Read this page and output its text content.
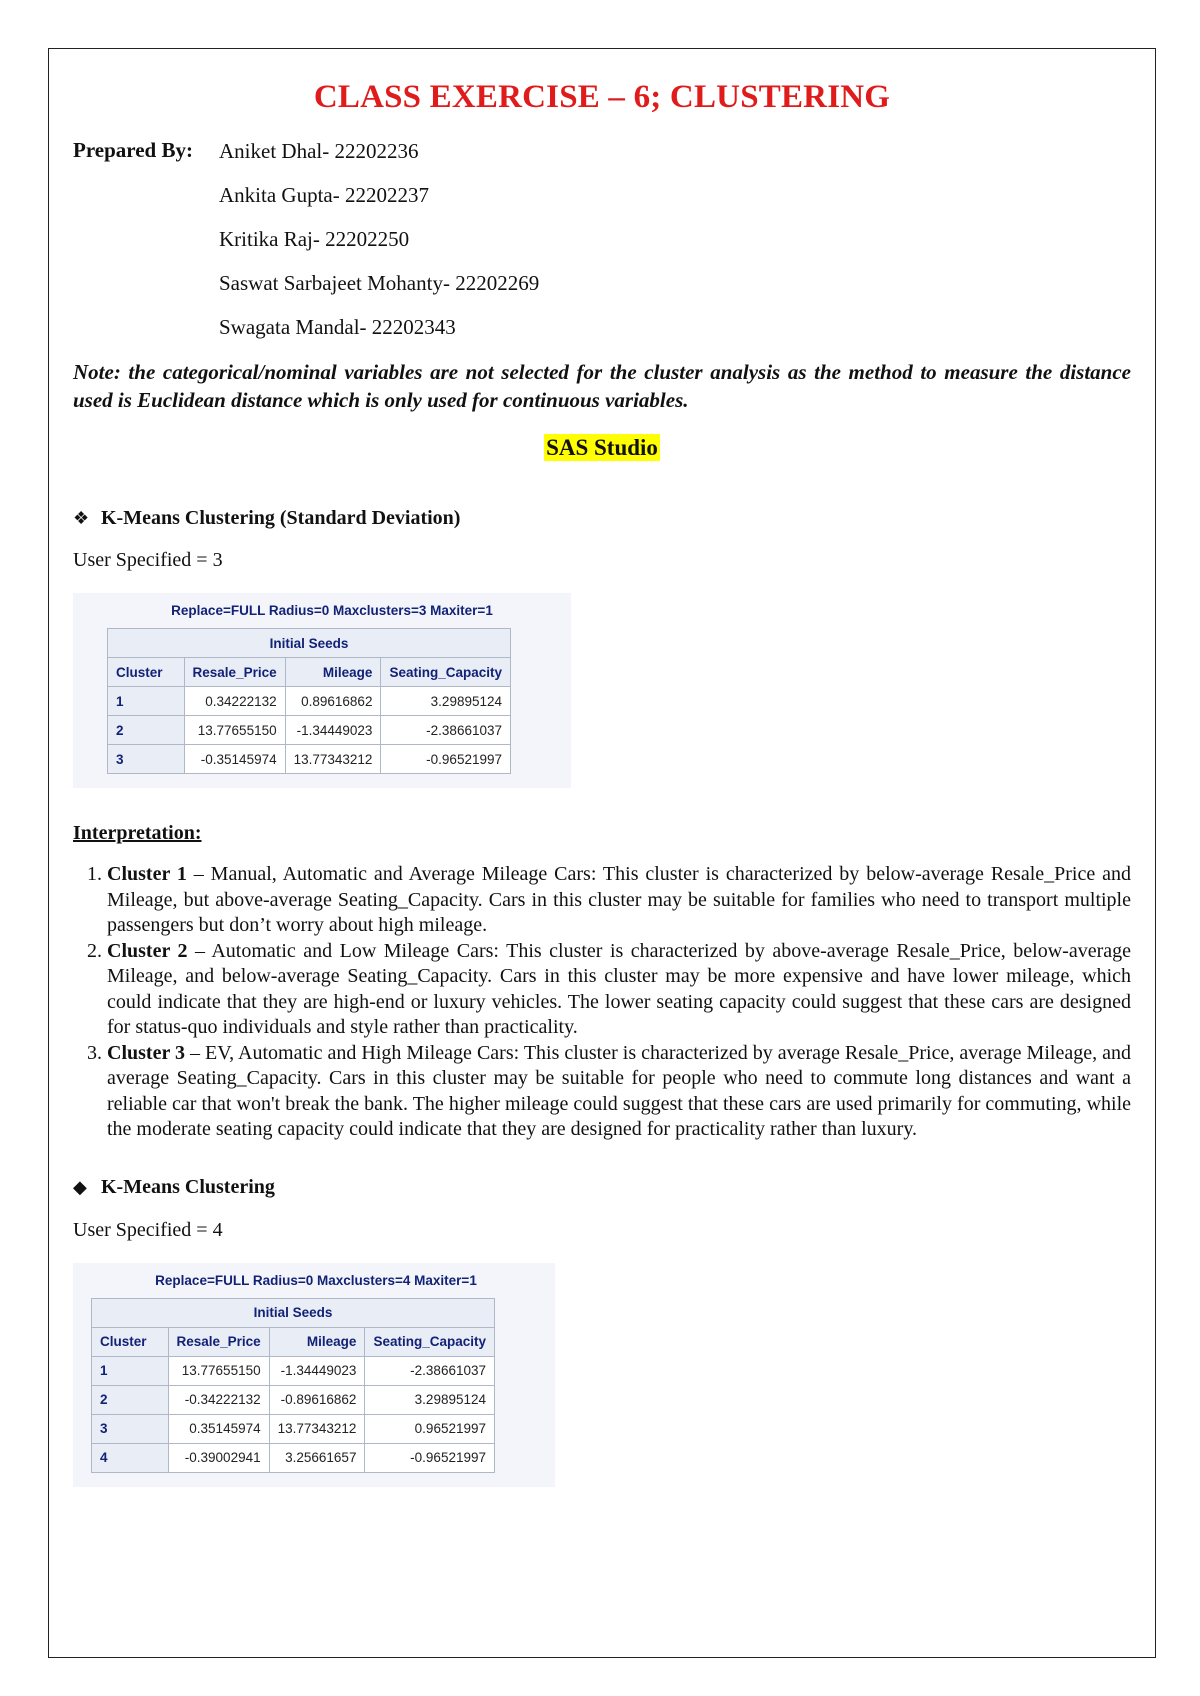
CLASS EXERCISE – 6; CLUSTERING
Prepared By: Aniket Dhal- 22202236
Ankita Gupta- 22202237
Kritika Raj- 22202250
Saswat Sarbajeet Mohanty- 22202269
Swagata Mandal- 22202343

Note: the categorical/nominal variables are not selected for the cluster analysis as the method to measure the distance used is Euclidean distance which is only used for continuous variables.

SAS Studio
❖ K-Means Clustering (Standard Deviation)
User Specified = 3
Replace=FULL Radius=0 Maxclusters=3 Maxiter=1
Initial Seeds			
Cluster	Resale_Price	Mileage	Seating_Capacity
1	0.34222132	0.89616862	3.29895124
2	13.77655150	-1.34449023	-2.38661037
3	-0.35145974	13.77343212	-0.96521997
Interpretation:
1. Cluster 1 – Manual, Automatic and Average Mileage Cars: This cluster is characterized by below-average Resale_Price and Mileage, but above-average Seating_Capacity. Cars in this cluster may be suitable for families who need to transport multiple passengers but don’t worry about high mileage.
2. Cluster 2 – Automatic and Low Mileage Cars: This cluster is characterized by above-average Resale_Price, below-average Mileage, and below-average Seating_Capacity. Cars in this cluster may be more expensive and have lower mileage, which could indicate that they are high-end or luxury vehicles. The lower seating capacity could suggest that these cars are designed for status-quo individuals and style rather than practicality.
3. Cluster 3 – EV, Automatic and High Mileage Cars: This cluster is characterized by average Resale_Price, average Mileage, and average Seating_Capacity. Cars in this cluster may be suitable for people who need to commute long distances and want a reliable car that won't break the bank. The higher mileage could suggest that these cars are used primarily for commuting, while the moderate seating capacity could indicate that they are designed for practicality rather than luxury.
◆ K-Means Clustering
User Specified = 4
Replace=FULL Radius=0 Maxclusters=4 Maxiter=1
Initial Seeds			
Cluster	Resale_Price	Mileage	Seating_Capacity
1	13.77655150	-1.34449023	-2.38661037
2	-0.34222132	-0.89616862	3.29895124
3	0.35145974	13.77343212	0.96521997
4	-0.39002941	3.25661657	-0.96521997
